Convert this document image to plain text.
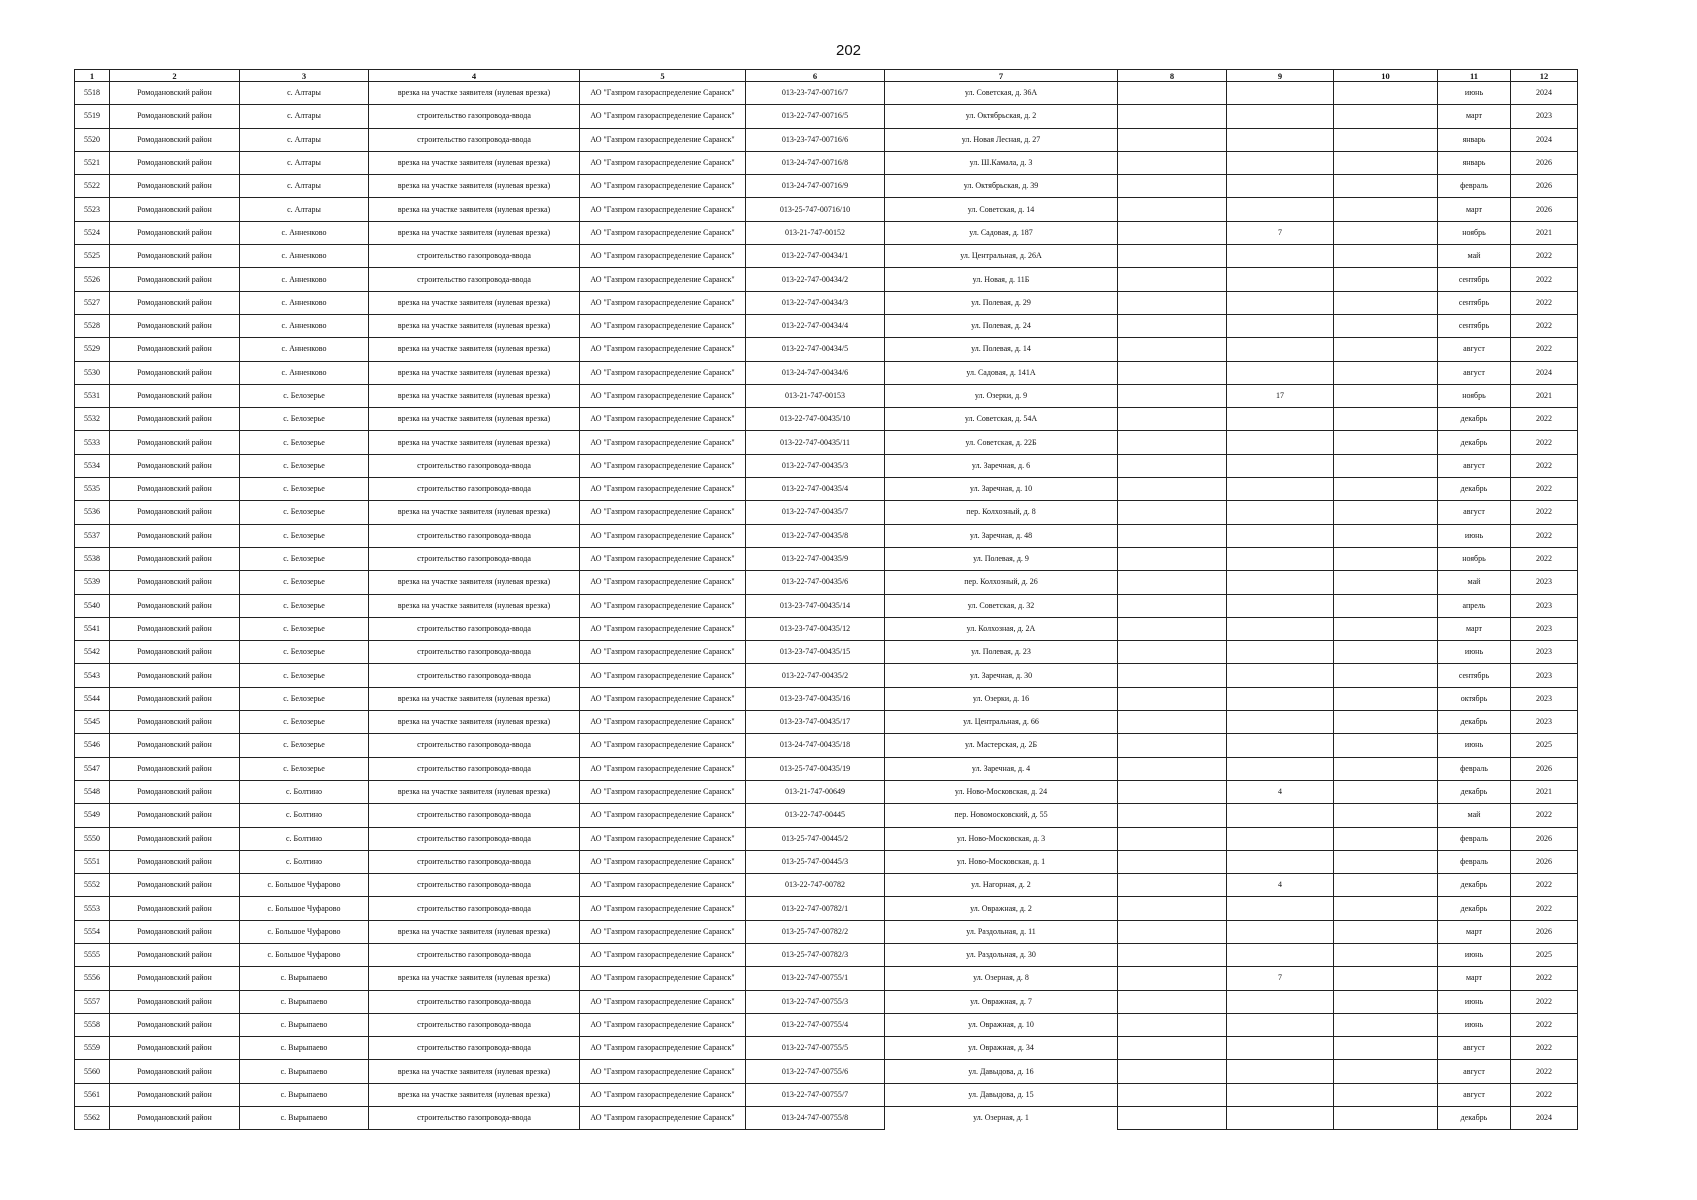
202
1	2	3	4	5	6	7	8	9	10	11	12
5518	Ромодановский район	с. Алтары	врезка на участке заявителя (нулевая врезка)	АО "Газпром газораспределение Саранск"	013-23-747-00716/7	ул. Советская, д. 36А				июнь	2024
5519	Ромодановский район	с. Алтары	строительство газопровода-ввода	АО "Газпром газораспределение Саранск"	013-22-747-00716/5	ул. Октябрьская, д. 2				март	2023
5520	Ромодановский район	с. Алтары	строительство газопровода-ввода	АО "Газпром газораспределение Саранск"	013-23-747-00716/6	ул. Новая Лесная, д. 27				январь	2024
5521	Ромодановский район	с. Алтары	врезка на участке заявителя (нулевая врезка)	АО "Газпром газораспределение Саранск"	013-24-747-00716/8	ул. Ш.Камала, д. 3				январь	2026
5522	Ромодановский район	с. Алтары	врезка на участке заявителя (нулевая врезка)	АО "Газпром газораспределение Саранск"	013-24-747-00716/9	ул. Октябрьская, д. 39				февраль	2026
5523	Ромодановский район	с. Алтары	врезка на участке заявителя (нулевая врезка)	АО "Газпром газораспределение Саранск"	013-25-747-00716/10	ул. Советская, д. 14				март	2026
5524	Ромодановский район	с. Анненково	врезка на участке заявителя (нулевая врезка)	АО "Газпром газораспределение Саранск"	013-21-747-00152	ул. Садовая, д. 187		7		ноябрь	2021
5525	Ромодановский район	с. Анненково	строительство газопровода-ввода	АО "Газпром газораспределение Саранск"	013-22-747-00434/1	ул. Центральная, д. 26А				май	2022
5526	Ромодановский район	с. Анненково	строительство газопровода-ввода	АО "Газпром газораспределение Саранск"	013-22-747-00434/2	ул. Новая, д. 11Б				сентябрь	2022
5527	Ромодановский район	с. Анненково	врезка на участке заявителя (нулевая врезка)	АО "Газпром газораспределение Саранск"	013-22-747-00434/3	ул. Полевая, д. 29				сентябрь	2022
5528	Ромодановский район	с. Анненково	врезка на участке заявителя (нулевая врезка)	АО "Газпром газораспределение Саранск"	013-22-747-00434/4	ул. Полевая, д. 24				сентябрь	2022
5529	Ромодановский район	с. Анненково	врезка на участке заявителя (нулевая врезка)	АО "Газпром газораспределение Саранск"	013-22-747-00434/5	ул. Полевая, д. 14				август	2022
5530	Ромодановский район	с. Анненково	врезка на участке заявителя (нулевая врезка)	АО "Газпром газораспределение Саранск"	013-24-747-00434/6	ул. Садовая, д. 141А				август	2024
5531	Ромодановский район	с. Белозерье	врезка на участке заявителя (нулевая врезка)	АО "Газпром газораспределение Саранск"	013-21-747-00153	ул. Озерки, д. 9		17		ноябрь	2021
5532	Ромодановский район	с. Белозерье	врезка на участке заявителя (нулевая врезка)	АО "Газпром газораспределение Саранск"	013-22-747-00435/10	ул. Советская, д. 54А				декабрь	2022
5533	Ромодановский район	с. Белозерье	врезка на участке заявителя (нулевая врезка)	АО "Газпром газораспределение Саранск"	013-22-747-00435/11	ул. Советская, д. 22Б				декабрь	2022
5534	Ромодановский район	с. Белозерье	строительство газопровода-ввода	АО "Газпром газораспределение Саранск"	013-22-747-00435/3	ул. Заречная, д. 6				август	2022
5535	Ромодановский район	с. Белозерье	строительство газопровода-ввода	АО "Газпром газораспределение Саранск"	013-22-747-00435/4	ул. Заречная, д. 10				декабрь	2022
5536	Ромодановский район	с. Белозерье	врезка на участке заявителя (нулевая врезка)	АО "Газпром газораспределение Саранск"	013-22-747-00435/7	пер. Колхозный, д. 8				август	2022
5537	Ромодановский район	с. Белозерье	строительство газопровода-ввода	АО "Газпром газораспределение Саранск"	013-22-747-00435/8	ул. Заречная, д. 48				июнь	2022
5538	Ромодановский район	с. Белозерье	строительство газопровода-ввода	АО "Газпром газораспределение Саранск"	013-22-747-00435/9	ул. Полевая, д. 9				ноябрь	2022
5539	Ромодановский район	с. Белозерье	врезка на участке заявителя (нулевая врезка)	АО "Газпром газораспределение Саранск"	013-22-747-00435/6	пер. Колхозный, д. 26				май	2023
5540	Ромодановский район	с. Белозерье	врезка на участке заявителя (нулевая врезка)	АО "Газпром газораспределение Саранск"	013-23-747-00435/14	ул. Советская, д. 32				апрель	2023
5541	Ромодановский район	с. Белозерье	строительство газопровода-ввода	АО "Газпром газораспределение Саранск"	013-23-747-00435/12	ул. Колхозная, д. 2А				март	2023
5542	Ромодановский район	с. Белозерье	строительство газопровода-ввода	АО "Газпром газораспределение Саранск"	013-23-747-00435/15	ул. Полевая, д. 23				июнь	2023
5543	Ромодановский район	с. Белозерье	строительство газопровода-ввода	АО "Газпром газораспределение Саранск"	013-22-747-00435/2	ул. Заречная, д. 30				сентябрь	2023
5544	Ромодановский район	с. Белозерье	врезка на участке заявителя (нулевая врезка)	АО "Газпром газораспределение Саранск"	013-23-747-00435/16	ул. Озерки, д. 16				октябрь	2023
5545	Ромодановский район	с. Белозерье	врезка на участке заявителя (нулевая врезка)	АО "Газпром газораспределение Саранск"	013-23-747-00435/17	ул. Центральная, д. 66				декабрь	2023
5546	Ромодановский район	с. Белозерье	строительство газопровода-ввода	АО "Газпром газораспределение Саранск"	013-24-747-00435/18	ул. Мастерская, д. 2Б				июнь	2025
5547	Ромодановский район	с. Белозерье	строительство газопровода-ввода	АО "Газпром газораспределение Саранск"	013-25-747-00435/19	ул. Заречная, д. 4				февраль	2026
5548	Ромодановский район	с. Болтино	врезка на участке заявителя (нулевая врезка)	АО "Газпром газораспределение Саранск"	013-21-747-00649	ул. Ново-Московская, д. 24		4		декабрь	2021
5549	Ромодановский район	с. Болтино	строительство газопровода-ввода	АО "Газпром газораспределение Саранск"	013-22-747-00445	пер. Новомосковский, д. 55				май	2022
5550	Ромодановский район	с. Болтино	строительство газопровода-ввода	АО "Газпром газораспределение Саранск"	013-25-747-00445/2	ул. Ново-Московская, д. 3				февраль	2026
5551	Ромодановский район	с. Болтино	строительство газопровода-ввода	АО "Газпром газораспределение Саранск"	013-25-747-00445/3	ул. Ново-Московская, д. 1				февраль	2026
5552	Ромодановский район	с. Большое Чуфарово	строительство газопровода-ввода	АО "Газпром газораспределение Саранск"	013-22-747-00782	ул. Нагорная, д. 2		4		декабрь	2022
5553	Ромодановский район	с. Большое Чуфарово	строительство газопровода-ввода	АО "Газпром газораспределение Саранск"	013-22-747-00782/1	ул. Овражная, д. 2				декабрь	2022
5554	Ромодановский район	с. Большое Чуфарово	врезка на участке заявителя (нулевая врезка)	АО "Газпром газораспределение Саранск"	013-25-747-00782/2	ул. Раздольная, д. 11				март	2026
5555	Ромодановский район	с. Большое Чуфарово	строительство газопровода-ввода	АО "Газпром газораспределение Саранск"	013-25-747-00782/3	ул. Раздольная, д. 30				июнь	2025
5556	Ромодановский район	с. Вырыпаево	врезка на участке заявителя (нулевая врезка)	АО "Газпром газораспределение Саранск"	013-22-747-00755/1	ул. Озерная, д. 8		7		март	2022
5557	Ромодановский район	с. Вырыпаево	строительство газопровода-ввода	АО "Газпром газораспределение Саранск"	013-22-747-00755/3	ул. Овражная, д. 7				июнь	2022
5558	Ромодановский район	с. Вырыпаево	строительство газопровода-ввода	АО "Газпром газораспределение Саранск"	013-22-747-00755/4	ул. Овражная, д. 10				июнь	2022
5559	Ромодановский район	с. Вырыпаево	строительство газопровода-ввода	АО "Газпром газораспределение Саранск"	013-22-747-00755/5	ул. Овражная, д. 34				август	2022
5560	Ромодановский район	с. Вырыпаево	врезка на участке заявителя (нулевая врезка)	АО "Газпром газораспределение Саранск"	013-22-747-00755/6	ул. Давыдова, д. 16				август	2022
5561	Ромодановский район	с. Вырыпаево	врезка на участке заявителя (нулевая врезка)	АО "Газпром газораспределение Саранск"	013-22-747-00755/7	ул. Давыдова, д. 15				август	2022
5562	Ромодановский район	с. Вырыпаево	строительство газопровода-ввода	АО "Газпром газораспределение Саранск"	013-24-747-00755/8	ул. Озерная, д. 1				декабрь	2024
